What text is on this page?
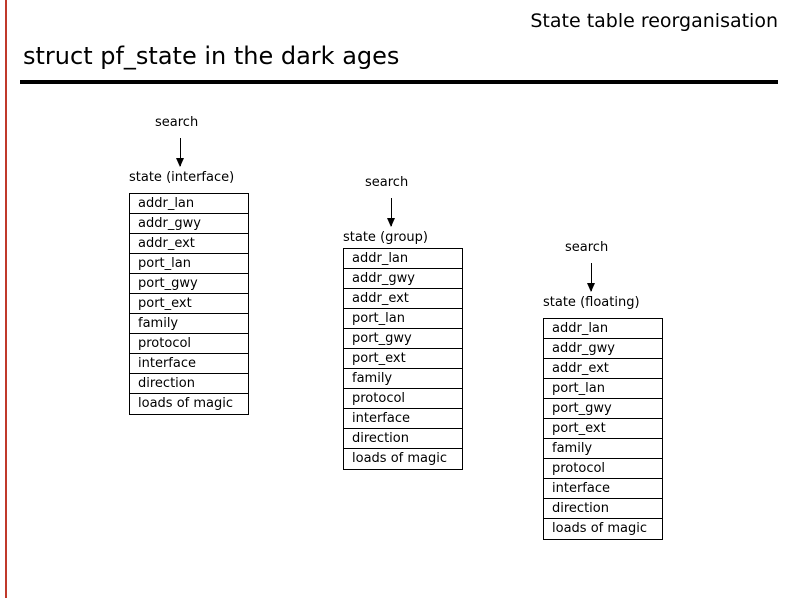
State table reorganisation
struct pf_state in the dark ages
search
state (interface)
addr_lan
addr_gwy
addr_ext
port_lan
port_gwy
port_ext
family
protocol
interface
direction
loads of magic
search
state (group)
addr_lan
addr_gwy
addr_ext
port_lan
port_gwy
port_ext
family
protocol
interface
direction
loads of magic
search
state (floating)
addr_lan
addr_gwy
addr_ext
port_lan
port_gwy
port_ext
family
protocol
interface
direction
loads of magic
